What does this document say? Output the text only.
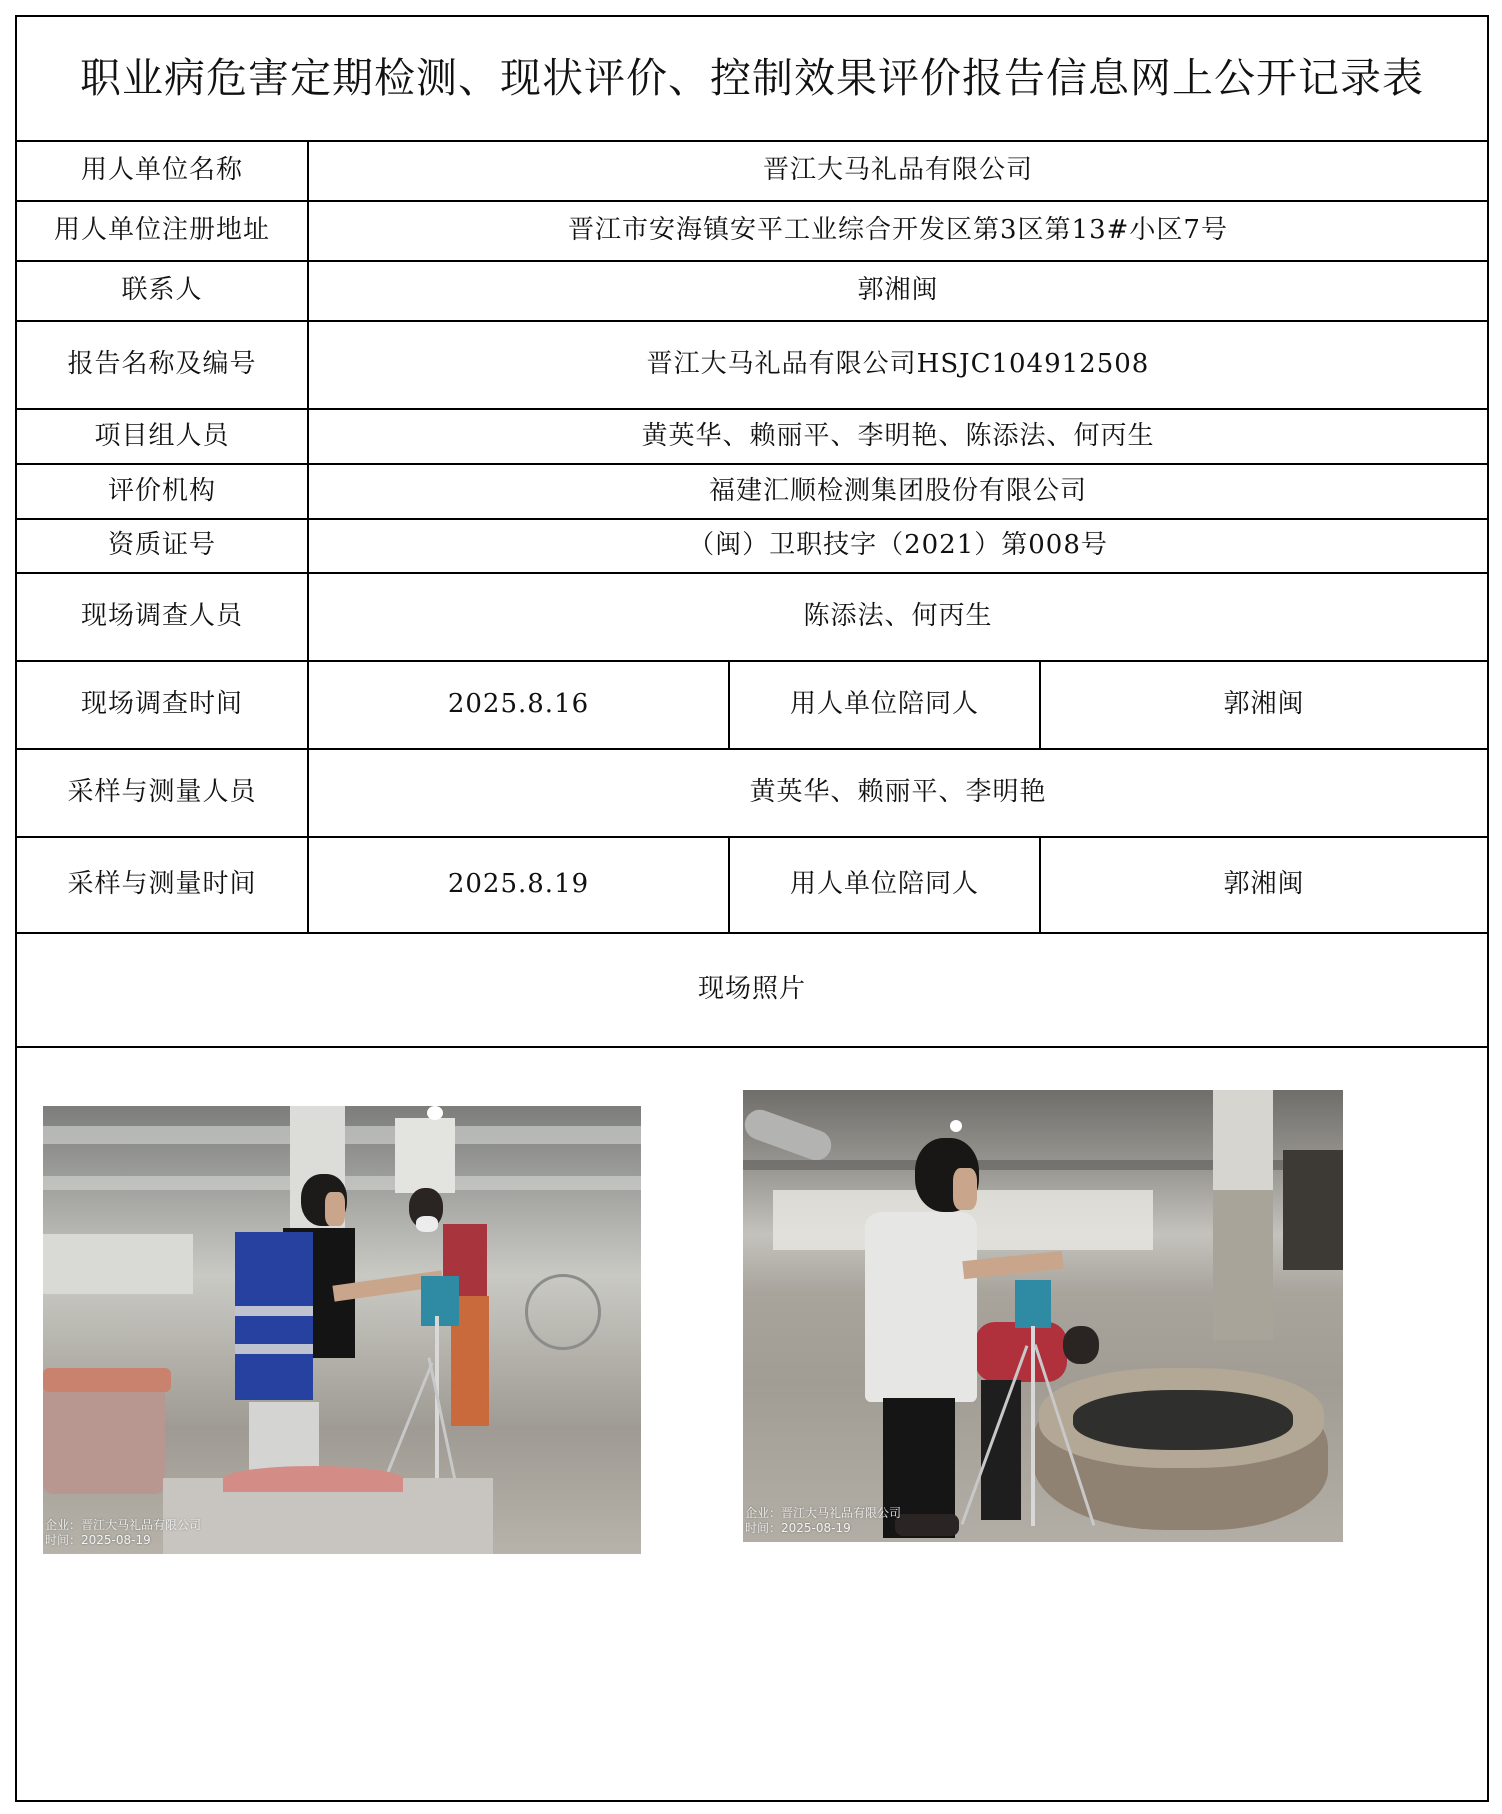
职业病危害定期检测、现状评价、控制效果评价报告信息网上公开记录表			
用人单位名称	晋江大马礼品有限公司		
用人单位注册地址	晋江市安海镇安平工业综合开发区第3区第13#小区7号		
联系人	郭湘闽		
报告名称及编号	晋江大马礼品有限公司HSJC104912508		
项目组人员	黄英华、赖丽平、李明艳、陈添法、何丙生		
评价机构	福建汇顺检测集团股份有限公司		
资质证号	（闽）卫职技字（2021）第008号		
现场调查人员	陈添法、何丙生		
现场调查时间	2025.8.16	用人单位陪同人	郭湘闽
采样与测量人员	黄英华、赖丽平、李明艳		
采样与测量时间	2025.8.19	用人单位陪同人	郭湘闽
现场照片			

企业：晋江大马礼品有限公司
时间：2025-08-19
企业：晋江大马礼品有限公司
时间：2025-08-19			
